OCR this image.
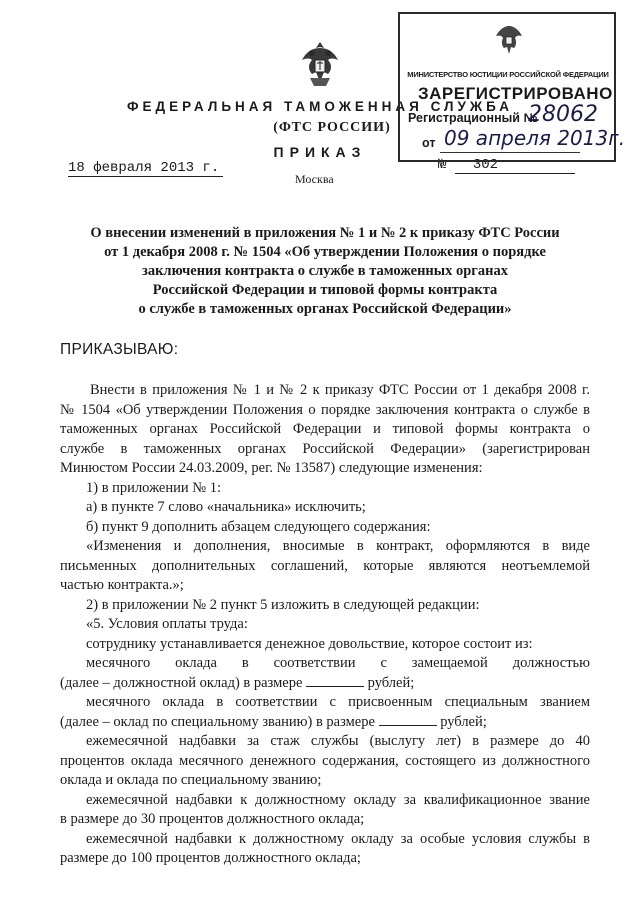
ФЕДЕРАЛЬНАЯ ТАМОЖЕННАЯ СЛУЖБА

(ФТС РОССИИ)

ПРИКАЗ

18 февраля 2013 г.

Москва

№ 302

МИНИСТЕРСТВО ЮСТИЦИИ РОССИЙСКОЙ ФЕДЕРАЦИИ
ЗАРЕГИСТРИРОВАНО
Регистрационный №
28062
от 09 апреля 2013г.
О внесении изменений в приложения № 1 и № 2 к приказу ФТС России
от 1 декабря 2008 г. № 1504 «Об утверждении Положения о порядке
заключения контракта о службе в таможенных органах
Российской Федерации и типовой формы контракта
о службе в таможенных органах Российской Федерации»

ПРИКАЗЫВАЮ:

Внести в приложения № 1 и № 2 к приказу ФТС России от 1 декабря 2008 г.
№ 1504 «Об утверждении Положения о порядке заключения контракта о службе в
таможенных органах Российской Федерации и типовой формы контракта о
службе в таможенных органах Российской Федерации» (зарегистрирован
Минюстом России 24.03.2009, рег. № 13587) следующие изменения:

1) в приложении № 1:

а) в пункте 7 слово «начальника» исключить;

б) пункт 9 дополнить абзацем следующего содержания:

«Изменения и дополнения, вносимые в контракт, оформляются в виде
письменных дополнительных соглашений, которые являются неотъемлемой
частью контракта.»;

2) в приложении № 2 пункт 5 изложить в следующей редакции:

«5. Условия оплаты труда:

сотруднику устанавливается денежное довольствие, которое состоит из:

месячного оклада в соответствии с замещаемой должностью
(далее – должностной оклад) в размере	рублей;

месячного оклада в соответствии с присвоенным специальным званием
(далее – оклад по специальному званию) в размере	рублей;

ежемесячной надбавки за стаж службы (выслугу лет) в размере до 40
процентов оклада месячного денежного содержания, состоящего из должностного
оклада и оклада по специальному званию;

ежемесячной надбавки к должностному окладу за квалификационное звание
в размере до 30 процентов должностного оклада;

ежемесячной надбавки к должностному окладу за особые условия службы в
размере до 100 процентов должностного оклада;
